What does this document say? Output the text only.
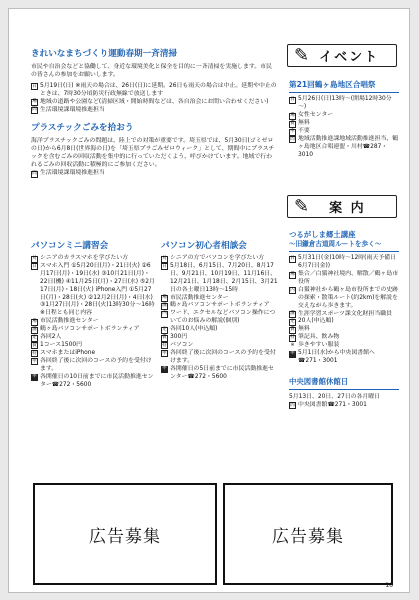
きれいなまちづくり運動春期一斉清掃
市民や自治会などと協働して、身近な環境美化と保全を目的に一斉清掃を実施します。市民の皆さんの参加をお願いします。
日 5月19日(日) ※雨天の場合は、26日(日)に延期。26日も雨天の場合は中止。延期や中止のときは、7時30分頃防災行政無線で放送します
場 地域の道路や公園など(清掃区域・開始時間などは、各自治会にお問い合わせください)
問 生活環境課環境推進担当
プラスチックごみを拾おう
海洋プラスチックごみの問題は、陸上での対策が重要です。埼玉県では、5月30日(ゴミゼロの日)から6月8日(世界海の日)を「埼玉県プラごみゼロウィーク」として、期間中にプラスチックを含むごみの回収活動を集中的に行っていただくよう、呼びかけています。地域で行われるごみの回収活動に積極的にご参加ください。
問 生活環境課環境推進担当
パソコンミニ講習会
対 シニアのカラスマホを学びたい方
日 スマホ入門 ①5月20日(月)・21日(火) ②6月17日(月)・19日(水) ③10月21日(月)・22日(機) ④11月25日(月)・27日(水) ⑤2月17日(月)・18日(火) iPhone入門 ①5月27日(月)・28日(火) ②12月2日(月)・4日(水) ③1月27日(月)・28日(火)13時30分～16時 ※日程とも同じ内容
場 市民活動推進センター
講 鶴ヶ島パソコンサポートボランティア
定 各回2人
費 1コース1500円
持 スマホまたはiPhone
申 各回終了後に次回のコースの予約を受付けます。
申 各開催日の10日前までに市民活動推進センター☎272・5600
パソコン初心者相談会
対 シニアの方でパソコンを学びたい方
日 5月18日、6月15日、7月20日、8月17日、9月21日、10月19日、11月16日、12月21日、1月18日、2月15日、3月21日の各土曜日13時～15時
場 市民活動推進センター
講 鶴ヶ島パソコンサポートボランティア
内 ワード、エクセルなどパソコン操作についてのお悩みの解説(個別)
定 各回10人(申込順)
費 300円
持 パソコン
申 各回終了後に次回のコースの予約を受付けます。
申 各開催日の5日前までに市民活動推進センター☎272・5600
✎ イベント
第21回鶴ヶ島地区合唱祭
日 5月26日(日)13時～(開場12時30分～)
場 女性センター
費 無料
申 不要
問 地域活動推進課地域活動推進担当、鶴ヶ島地区合唱連盟・川村☎287・3010
✎ 案 内
つるがしま郷土講座
～旧鎌倉古道周ルートを歩く～
日 5月31日(金)10時～12時(雨天予備日6月7日(金))
場 集合／白鬚神社境内、解散／鶴ヶ島市役所
内 白鬚神社から鶴ヶ島市役所までの史跡の探索・散策ルート(約2km)を解説を交えながら歩きます。
講 生涯学習スポーツ課文化財担当職員
定 20人(申込順)
費 無料
持 筆記具、飲み物
※ 歩きやすい服装
申 5月1日(水)から中央図書館へ☎271・3001
中央図書館休館日
5月13日、20日、27日の各月曜日
問 中央図書館☎271・3001
広告募集	広告募集
16
